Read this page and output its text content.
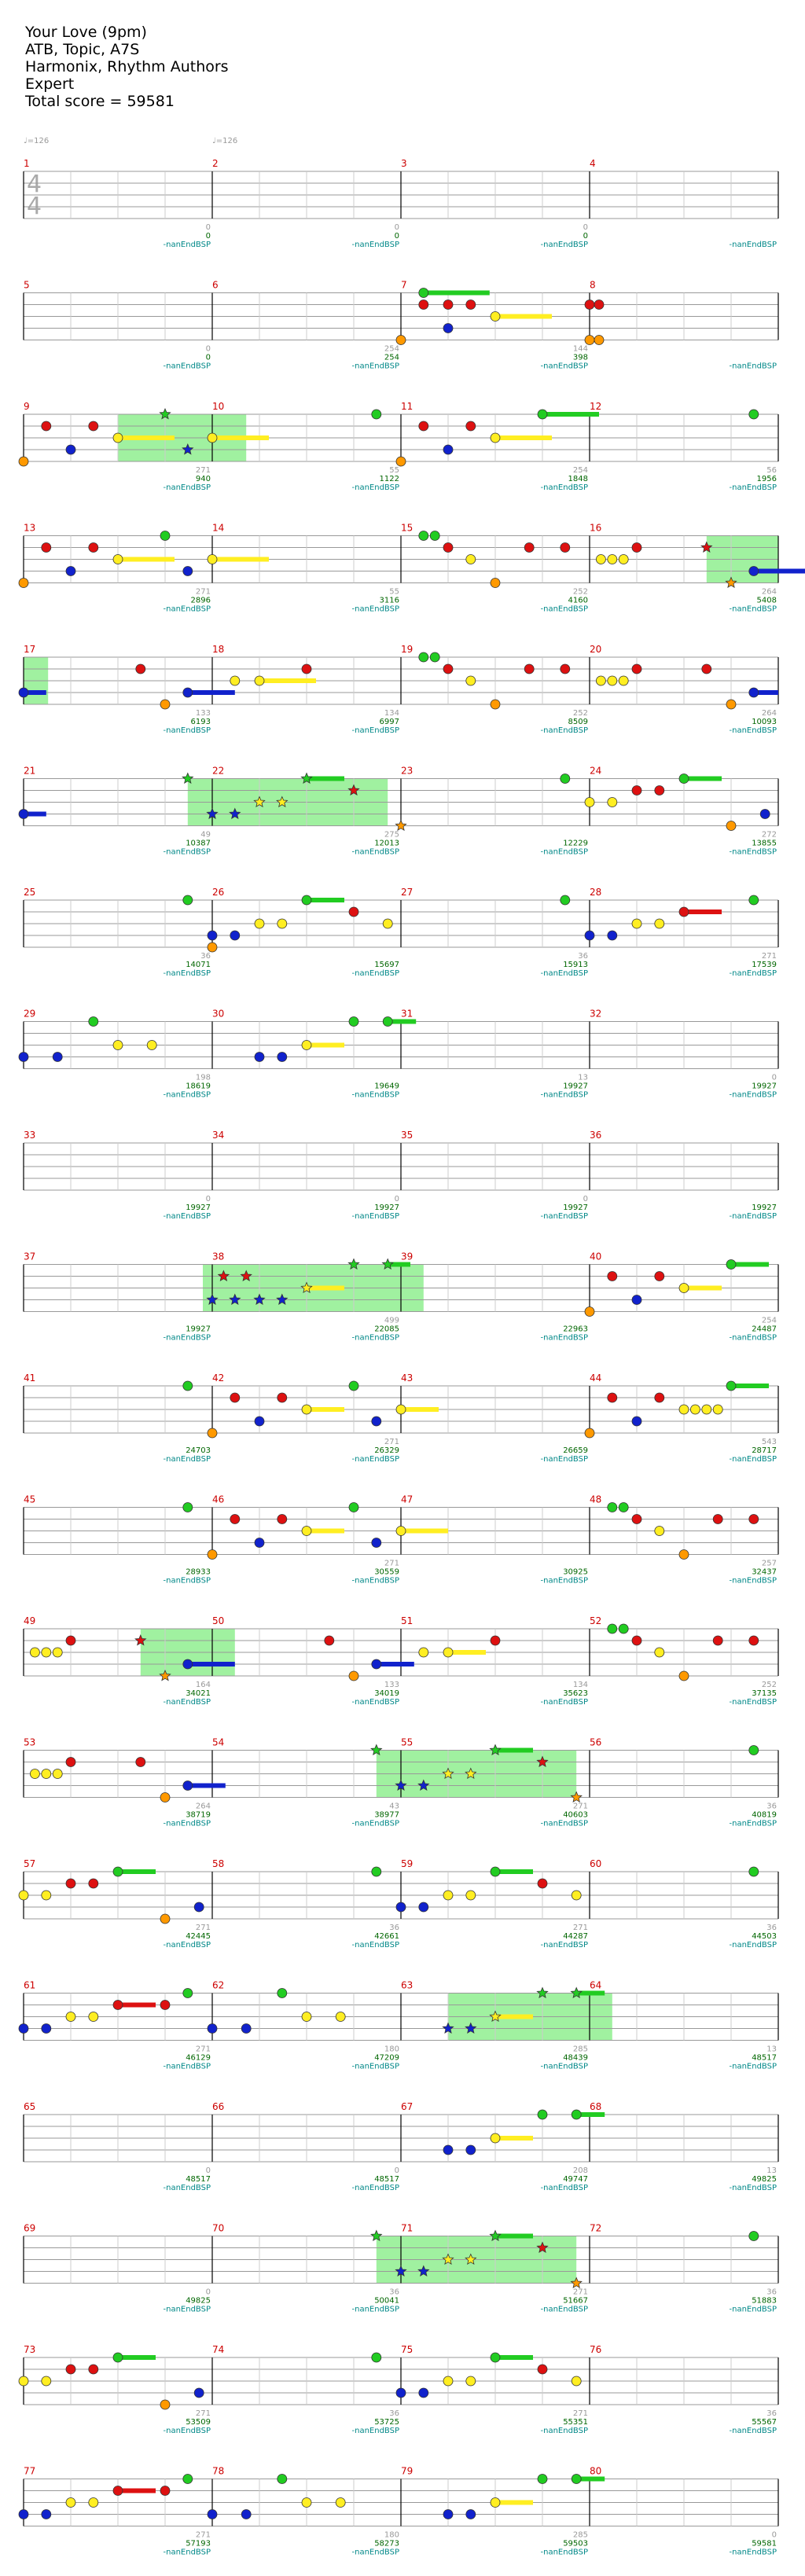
Your Love (9pm)
ATB, Topic, A7S
Harmonix, Rhythm Authors
Expert
Total score = 59581
♩=126	♩=126
4
4
1	2	3	4
0
0
-nanEndBSP
0
0
-nanEndBSP
0
0
-nanEndBSP	-nanEndBSP
5	6	7	8
0
0
-nanEndBSP
254
254
-nanEndBSP
144
398
-nanEndBSP	-nanEndBSP
9	10	11	12
271
940
-nanEndBSP
55
1122
-nanEndBSP
254
1848
-nanEndBSP
56
1956
-nanEndBSP
13	14	15	16
271
2896
-nanEndBSP
55
3116
-nanEndBSP
252
4160
-nanEndBSP
264
5408
-nanEndBSP
17	18	19	20
133
6193
-nanEndBSP
134
6997
-nanEndBSP
252
8509
-nanEndBSP
264
10093
-nanEndBSP
21	22	23	24
49
10387
-nanEndBSP
275
12013
-nanEndBSP
12229
-nanEndBSP
272
13855
-nanEndBSP
25	26	27	28
36
14071
-nanEndBSP
15697
-nanEndBSP
36
15913
-nanEndBSP
271
17539
-nanEndBSP
29	30	31	32
198
18619
-nanEndBSP
19649
-nanEndBSP
13
19927
-nanEndBSP
0
19927
-nanEndBSP
33	34	35	36
0
19927
-nanEndBSP
0
19927
-nanEndBSP
0
19927
-nanEndBSP
19927
-nanEndBSP
37	38	39	40
19927
-nanEndBSP
499
22085
-nanEndBSP
22963
-nanEndBSP
254
24487
-nanEndBSP
41	42	43	44
24703
-nanEndBSP
271
26329
-nanEndBSP
26659
-nanEndBSP
543
28717
-nanEndBSP
45	46	47	48
28933
-nanEndBSP
271
30559
-nanEndBSP
30925
-nanEndBSP
257
32437
-nanEndBSP
49	50	51	52
164
34021
-nanEndBSP
133
34019
-nanEndBSP
134
35623
-nanEndBSP
252
37135
-nanEndBSP
53	54	55	56
264
38719
-nanEndBSP
43
38977
-nanEndBSP
271
40603
-nanEndBSP
36
40819
-nanEndBSP
57	58	59	60
271
42445
-nanEndBSP
36
42661
-nanEndBSP
271
44287
-nanEndBSP
36
44503
-nanEndBSP
61	62	63	64
271
46129
-nanEndBSP
180
47209
-nanEndBSP
285
48439
-nanEndBSP
13
48517
-nanEndBSP
65	66	67	68
0
48517
-nanEndBSP
0
48517
-nanEndBSP
208
49747
-nanEndBSP
13
49825
-nanEndBSP
69	70	71	72
0
49825
-nanEndBSP
36
50041
-nanEndBSP
271
51667
-nanEndBSP
36
51883
-nanEndBSP
73	74	75	76
271
53509
-nanEndBSP
36
53725
-nanEndBSP
271
55351
-nanEndBSP
36
55567
-nanEndBSP
77	78	79	80
271
57193
-nanEndBSP
180
58273
-nanEndBSP
285
59503
-nanEndBSP
0
59581
-nanEndBSP
